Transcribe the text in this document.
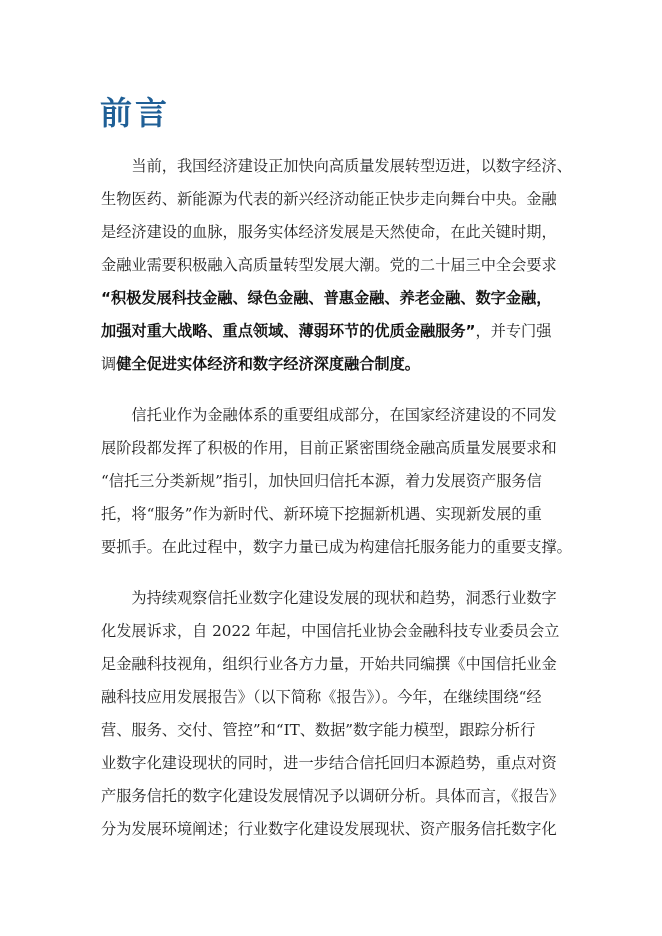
前言

当前，我国经济建设正加快向高质量发展转型迈进，以数字经济、
生物医药、新能源为代表的新兴经济动能正快步走向舞台中央。金融
是经济建设的血脉，服务实体经济发展是天然使命，在此关键时期，
金融业需要积极融入高质量转型发展大潮。党的二十届三中全会要求
“积极发展科技金融、绿色金融、普惠金融、养老金融、数字金融，
加强对重大战略、重点领域、薄弱环节的优质金融服务”，并专门强
调健全促进实体经济和数字经济深度融合制度。

信托业作为金融体系的重要组成部分，在国家经济建设的不同发
展阶段都发挥了积极的作用，目前正紧密围绕金融高质量发展要求和
“信托三分类新规”指引，加快回归信托本源，着力发展资产服务信
托，将“服务”作为新时代、新环境下挖掘新机遇、实现新发展的重
要抓手。在此过程中，数字力量已成为构建信托服务能力的重要支撑。

为持续观察信托业数字化建设发展的现状和趋势，洞悉行业数字
化发展诉求，自 2022 年起，中国信托业协会金融科技专业委员会立
足金融科技视角，组织行业各方力量，开始共同编撰《中国信托业金
融科技应用发展报告》（以下简称《报告》）。今年，在继续围绕“经
营、服务、交付、管控”和“IT、数据”数字能力模型，跟踪分析行
业数字化建设现状的同时，进一步结合信托回归本源趋势，重点对资
产服务信托的数字化建设发展情况予以调研分析。具体而言，《报告》
分为发展环境阐述；行业数字化建设发展现状、资产服务信托数字化
